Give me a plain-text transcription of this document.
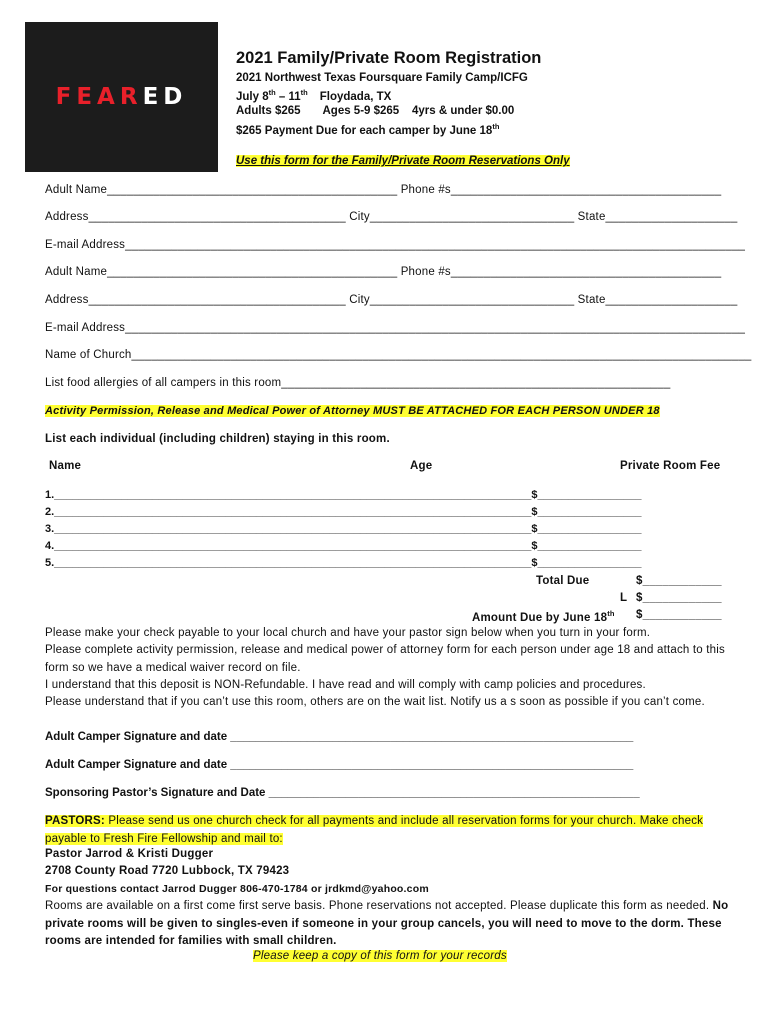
FEARED
2021 Family/Private Room Registration
2021 Northwest Texas Foursquare Family Camp/ICFG
July 8th – 11th Floydada, TX
Adults $265       Ages 5-9 $265    4yrs & under $0.00
$265 Payment Due for each camper by June 18th
Use this form for the Family/Private Room Reservations Only
Adult Name____________________________________________ Phone #s_________________________________________
Address_______________________________________ City_______________________________ State____________________
E-mail Address______________________________________________________________________________________________
Adult Name____________________________________________ Phone #s_________________________________________
Address_______________________________________ City_______________________________ State____________________
E-mail Address______________________________________________________________________________________________
Name of Church______________________________________________________________________________________________
List food allergies of all campers in this room___________________________________________________________
Activity Permission, Release and Medical Power of Attorney MUST BE ATTACHED FOR EACH PERSON UNDER 18
List each individual (including children) staying in this room.
Name	Age	Private Room Fee
1.______________________________________________________________________________$_________________
2.______________________________________________________________________________$_________________
3.______________________________________________________________________________$_________________
4.______________________________________________________________________________$_________________
5.______________________________________________________________________________$_________________
Total Due	$____________
L $____________
Amount Due by June 18th $____________
Please make your check payable to your local church and have your pastor sign below when you turn in your form.
Please complete activity permission, release and medical power of attorney form for each person under age 18 and attach to this form so we have a medical waiver record on file.
I understand that this deposit is NON-Refundable. I have read and will comply with camp policies and procedures.
Please understand that if you can’t use this room, others are on the wait list. Notify us a s soon as possible if you can’t come.
Adult Camper Signature and date _______________________________________________________________
Adult Camper Signature and date _______________________________________________________________
Sponsoring Pastor’s Signature and Date __________________________________________________________
PASTORS: Please send us one church check for all payments and include all reservation forms for your church. Make check payable to Fresh Fire Fellowship and mail to:
Pastor Jarrod & Kristi Dugger
2708 County Road 7720 Lubbock, TX 79423
For questions contact Jarrod Dugger 806-470-1784 or jrdkmd@yahoo.com
Rooms are available on a first come first serve basis. Phone reservations not accepted. Please duplicate this form as needed. No private rooms will be given to singles-even if someone in your group cancels, you will need to move to the dorm. These rooms are intended for families with small children.
Please keep a copy of this form for your records
